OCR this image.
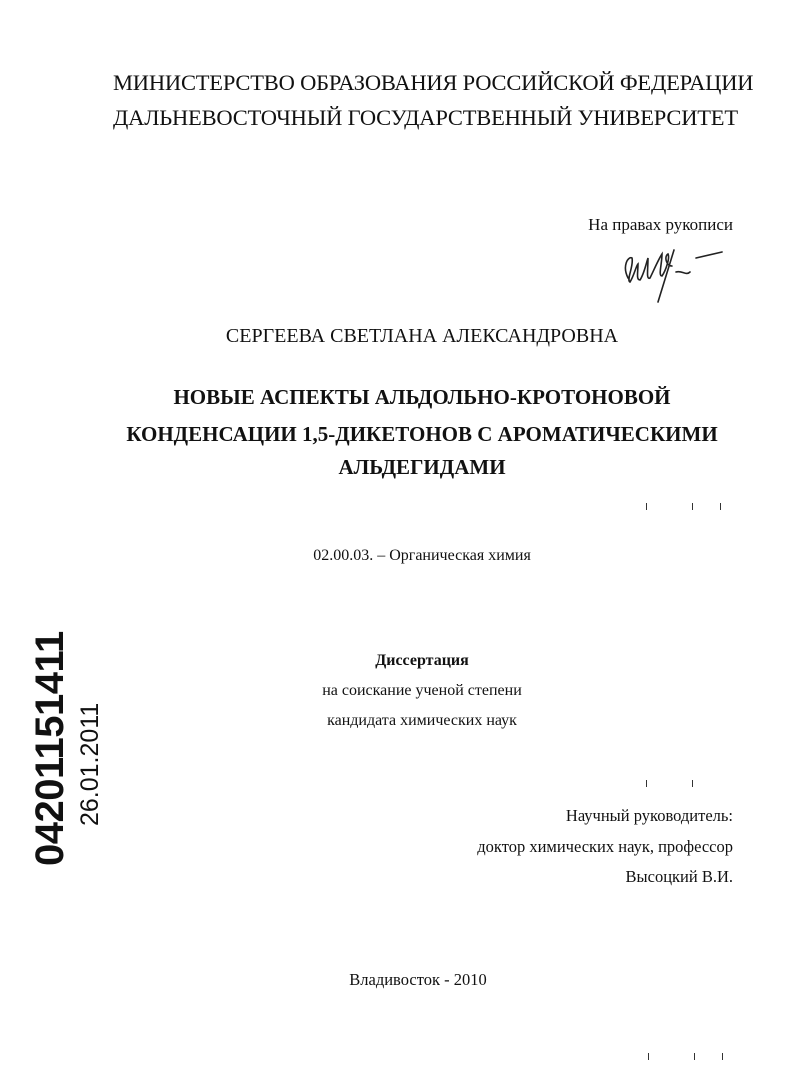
МИНИСТЕРСТВО ОБРАЗОВАНИЯ РОССИЙСКОЙ ФЕДЕРАЦИИ
ДАЛЬНЕВОСТОЧНЫЙ ГОСУДАРСТВЕННЫЙ УНИВЕРСИТЕТ
На правах рукописи
СЕРГЕЕВА СВЕТЛАНА АЛЕКСАНДРОВНА
НОВЫЕ АСПЕКТЫ АЛЬДОЛЬНО-КРОТОНОВОЙ
КОНДЕНСАЦИИ 1,5-ДИКЕТОНОВ С АРОМАТИЧЕСКИМИ
АЛЬДЕГИДАМИ
02.00.03. – Органическая химия
Диссертация
на соискание ученой степени
кандидата химических наук
Научный руководитель:
доктор химических наук, профессор
Высоцкий В.И.
Владивосток - 2010
04201151411 26.01.2011
